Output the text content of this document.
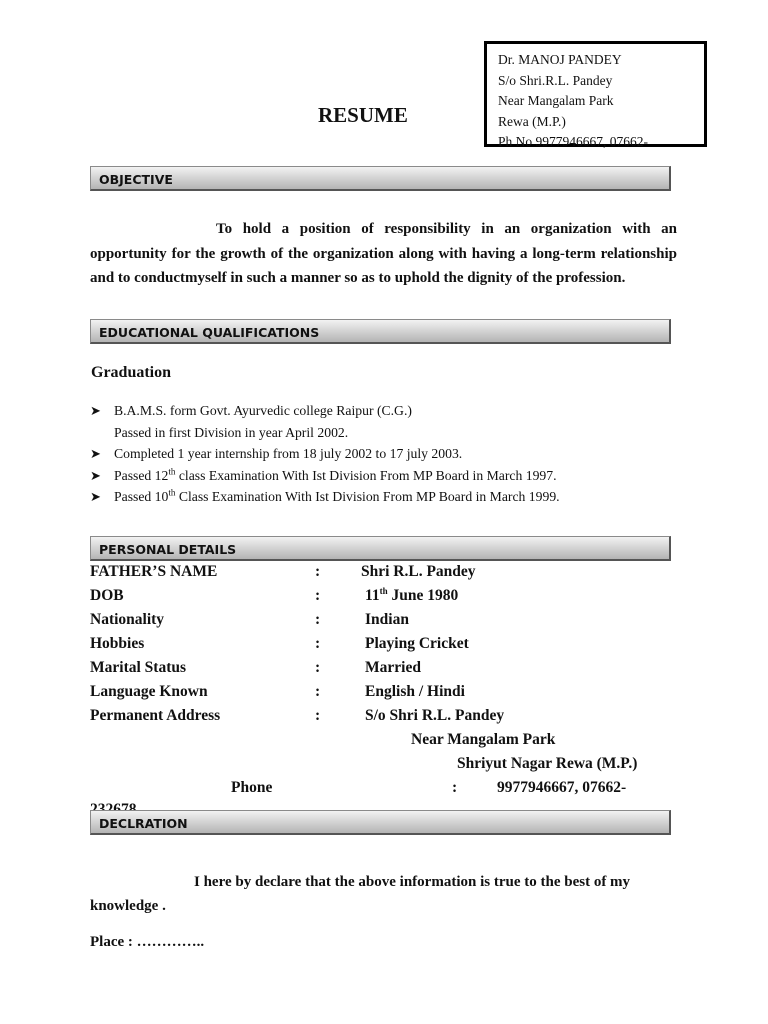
Dr. MANOJ PANDEY
S/o Shri.R.L. Pandey
Near Mangalam Park
Rewa (M.P.)
Ph No 9977946667, 07662-
RESUME
OBJECTIVE
To hold a position of responsibility in an organization with an opportunity for the growth of the organization along with having a long-term relationship and to conductmyself in such a manner so as to uphold the dignity of the profession.
EDUCATIONAL QUALIFICATIONS
Graduation
➤ B.A.M.S. form Govt. Ayurvedic college Raipur (C.G.)
Passed in first Division in year April 2002.
➤ Completed 1 year internship from 18 july 2002 to 17 july 2003.
➤ Passed 12th class Examination With Ist Division From MP Board in March 1997.
➤ Passed 10th Class Examination With Ist Division From MP Board in March 1999.
PERSONAL DETAILS
FATHER’S NAME	:	Shri R.L. Pandey
DOB	:	11th June 1980
Nationality	:	Indian
Hobbies	:	Playing Cricket
Marital Status	:	Married
Language Known	:	English / Hindi
Permanent Address	:	S/o Shri R.L. Pandey
Near Mangalam Park
Shriyut Nagar Rewa (M.P.)
Phone	:	9977946667, 07662-
DECLRATION
I here by declare that the above information is true to the best of my knowledge .
Place : …………..
